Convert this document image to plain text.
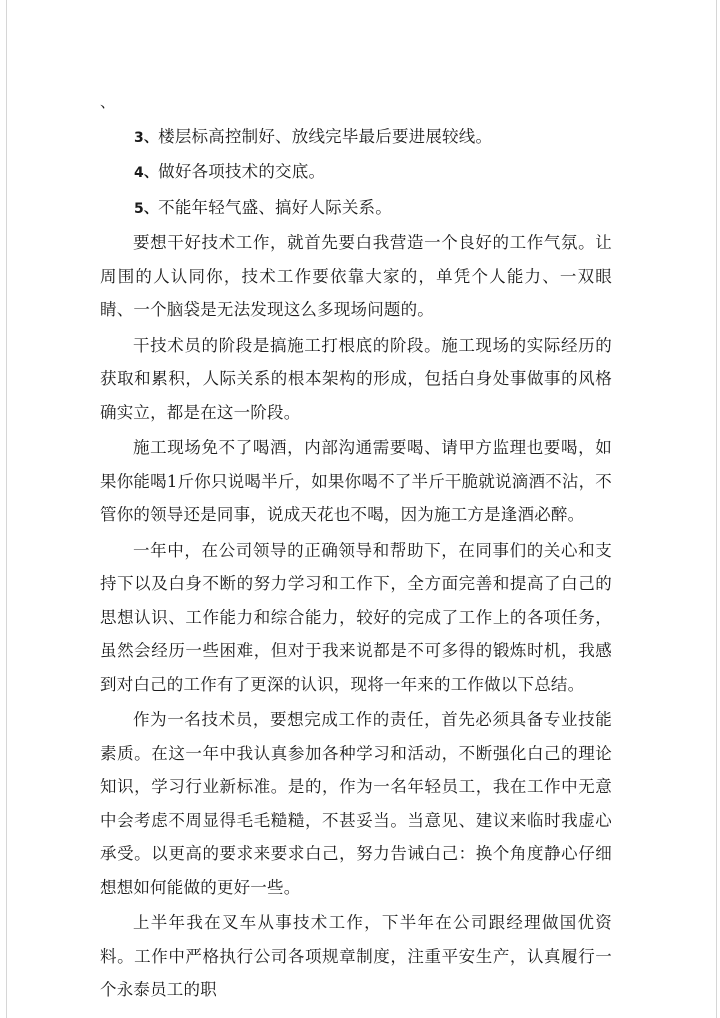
、

3、楼层标高控制好、放线完毕最后要进展较线。

4、做好各项技术的交底。

5、不能年轻气盛、搞好人际关系。

要想干好技术工作，就首先要白我营造一个良好的工作气氛。让周围的人认同你，技术工作要依靠大家的，单凭个人能力、一双眼睛、一个脑袋是无法发现这么多现场问题的。

干技术员的阶段是搞施工打根底的阶段。施工现场的实际经历的获取和累积，人际关系的根本架构的形成，包括白身处事做事的风格确实立，都是在这一阶段。

施工现场免不了喝酒，内部沟通需要喝、请甲方监理也要喝，如果你能喝1斤你只说喝半斤，如果你喝不了半斤干脆就说滴酒不沾，不管你的领导还是同事，说成天花也不喝，因为施工方是逢酒必醉。

一年中，在公司领导的正确领导和帮助下，在同事们的关心和支持下以及白身不断的努力学习和工作下，全方面完善和提高了白己的思想认识、工作能力和综合能力，较好的完成了工作上的各项任务，虽然会经历一些困难，但对于我来说都是不可多得的锻炼时机，我感到对白己的工作有了更深的认识，现将一年来的工作做以下总结。

作为一名技术员，要想完成工作的责任，首先必须具备专业技能素质。在这一年中我认真参加各种学习和活动，不断强化白己的理论知识，学习行业新标准。是的，作为一名年轻员工，我在工作中无意中会考虑不周显得毛毛糙糙，不甚妥当。当意见、建议来临时我虚心承受。以更高的要求来要求白己，努力告诫白己：换个角度静心仔细想想如何能做的更好一些。

上半年我在叉车从事技术工作，下半年在公司跟经理做国优资料。工作中严格执行公司各项规章制度，注重平安生产，认真履行一个永泰员工的职
